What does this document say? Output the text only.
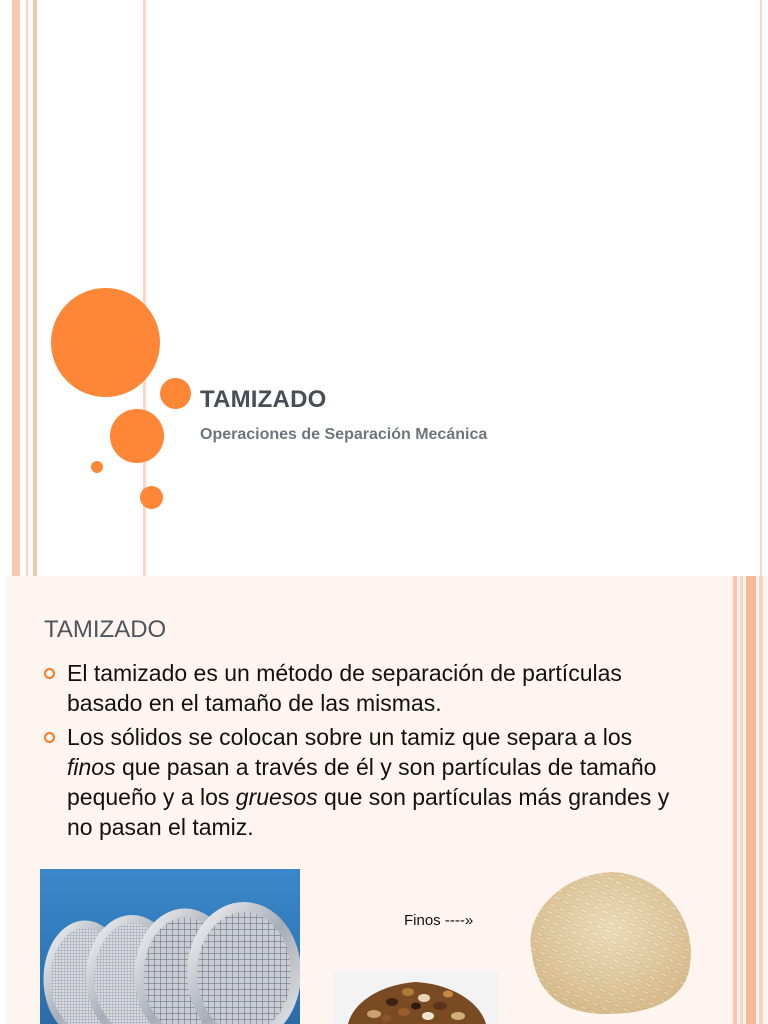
TAMIZADO
Operaciones de Separación Mecánica
TAMIZADO
El tamizado es un método de separación de partículas basado en el tamaño de las mismas.
Los sólidos se colocan sobre un tamiz que separa a los finos que pasan a través de él y son partículas de tamaño pequeño y a los gruesos que son partículas más grandes y no pasan el tamiz.
Finos ----»
